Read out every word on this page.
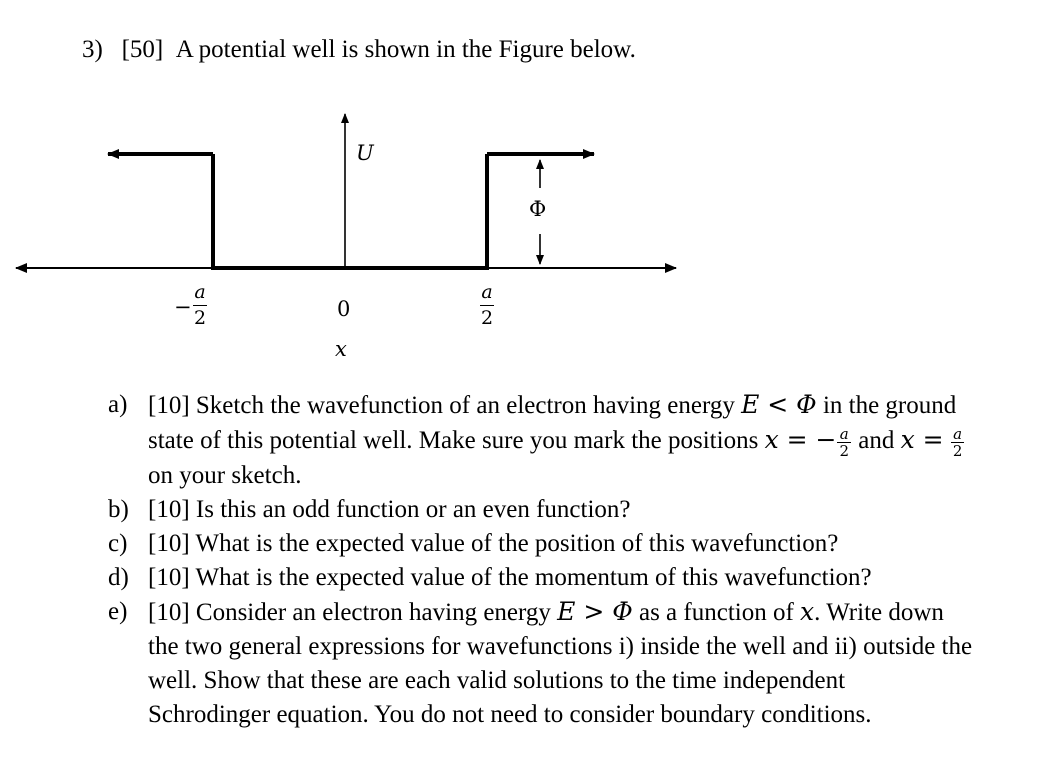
3) [50] A potential well is shown in the Figure below.
U
Φ
−
a
2	0
a
2
x
a) [10] Sketch the wavefunction of an electron having energy E < Φ in the ground
state of this potential well. Make sure you mark the positions x = − $\frac{a}{2}$ and $x = \frac{a}{2}$

on your sketch.
b) [10] Is this an odd function or an even function?
c) [10] What is the expected value of the position of this wavefunction?
d) [10] What is the expected value of the momentum of this wavefunction?
e) [10] Consider an electron having energy E > Φ as a function of x. Write down
the two general expressions for wavefunctions i) inside the well and ii) outside the
well. Show that these are each valid solutions to the time independent
Schrodinger equation. You do not need to consider boundary conditions.
